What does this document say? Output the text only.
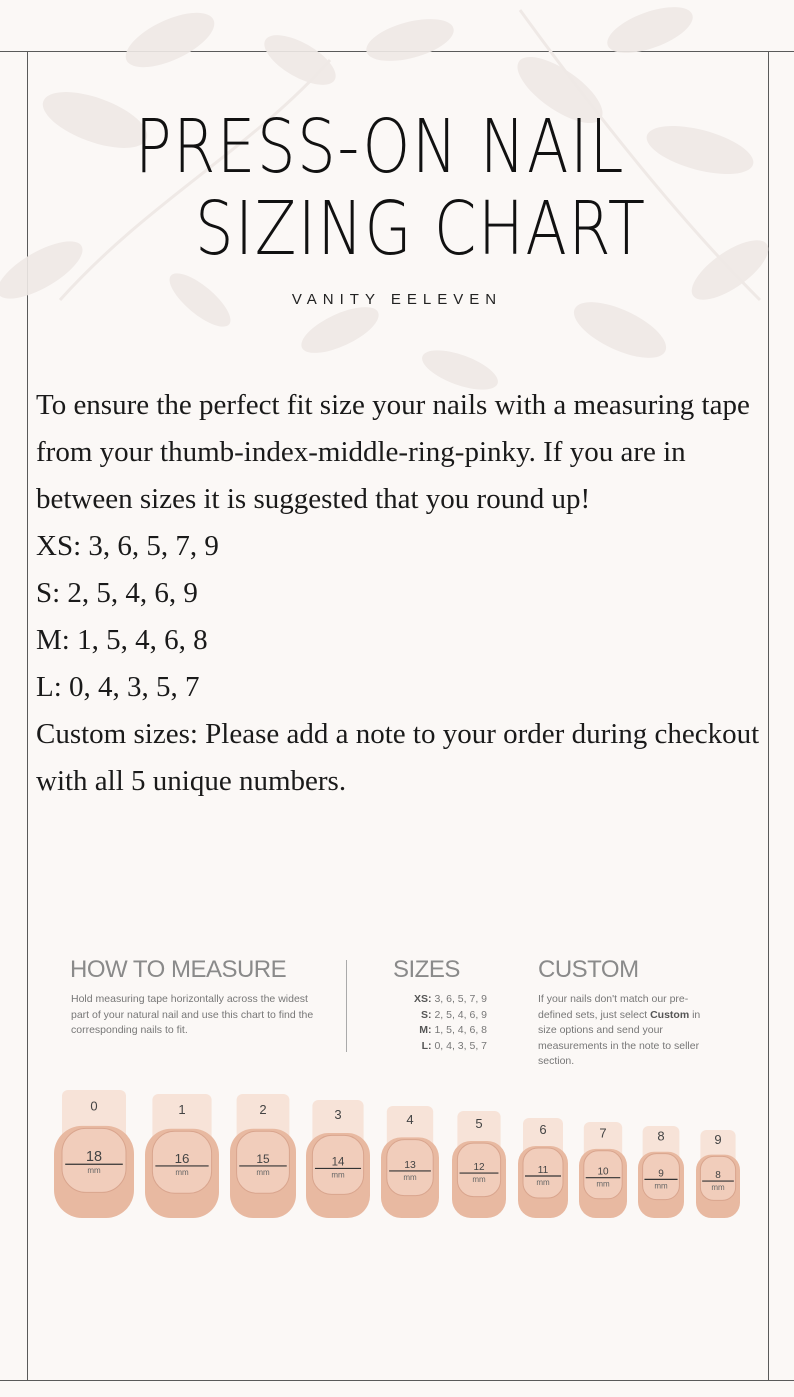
PRESS-ON NAIL
SIZING CHART
VANITY EELEVEN

To ensure the perfect fit size your nails with a measuring tape from your thumb-index-middle-ring-pinky. If you are in between sizes it is suggested that you round up!

XS: 3, 6, 5, 7, 9

S: 2, 5, 4, 6, 9

M: 1, 5, 4, 6, 8

L: 0, 4, 3, 5, 7

Custom sizes: Please add a note to your order during checkout with all 5 unique numbers.

HOW TO MEASURE
Hold measuring tape horizontally across the widest part of your natural nail and use this chart to find the corresponding nails to fit.
SIZES
XS: 3, 6, 5, 7, 9
S: 2, 5, 4, 6, 9
M: 1, 5, 4, 6, 8
L: 0, 4, 3, 5, 7
CUSTOM
If your nails don't match our pre-defined sets, just select Custom in size options and send your measurements in the note to seller section.
0
18
mm
1
16
mm
2
15
mm
3
14
mm
4
13
mm
5
12
mm
6
11
mm
7
10
mm
8
9
mm
9
8
mm
